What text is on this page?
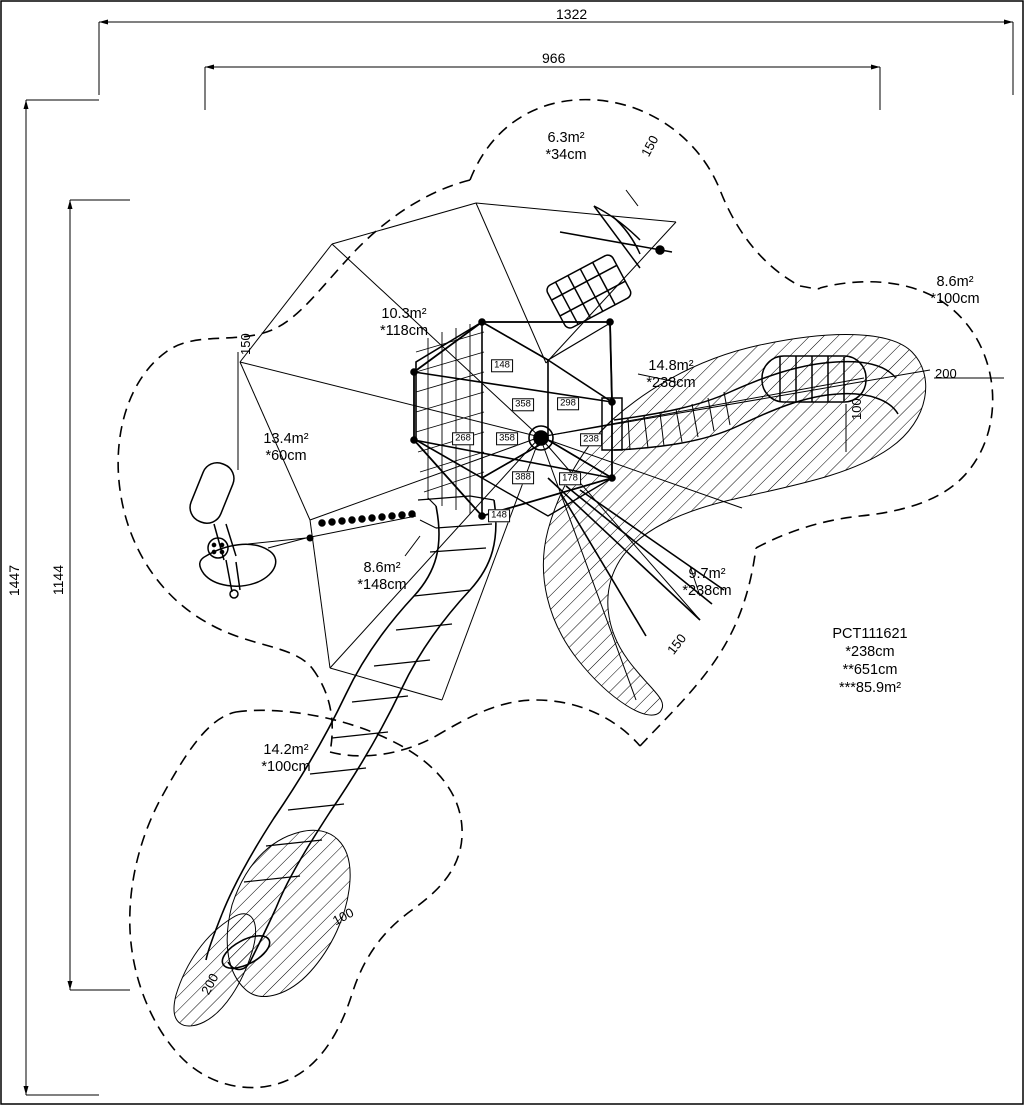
1322
966
1447 1144
6.3m²
*34cm
10.3m²
*118cm
8.6m²
*100cm
14.8m²
*238cm
13.4m²
*60cm
8.6m²
*148cm
9.7m²
*238cm
14.2m²
*100cm
PCT111621
*238cm
**651cm
***85.9m²
150
150
200
100
150
100
200
148
358	298
268	358	238
388	178
148
